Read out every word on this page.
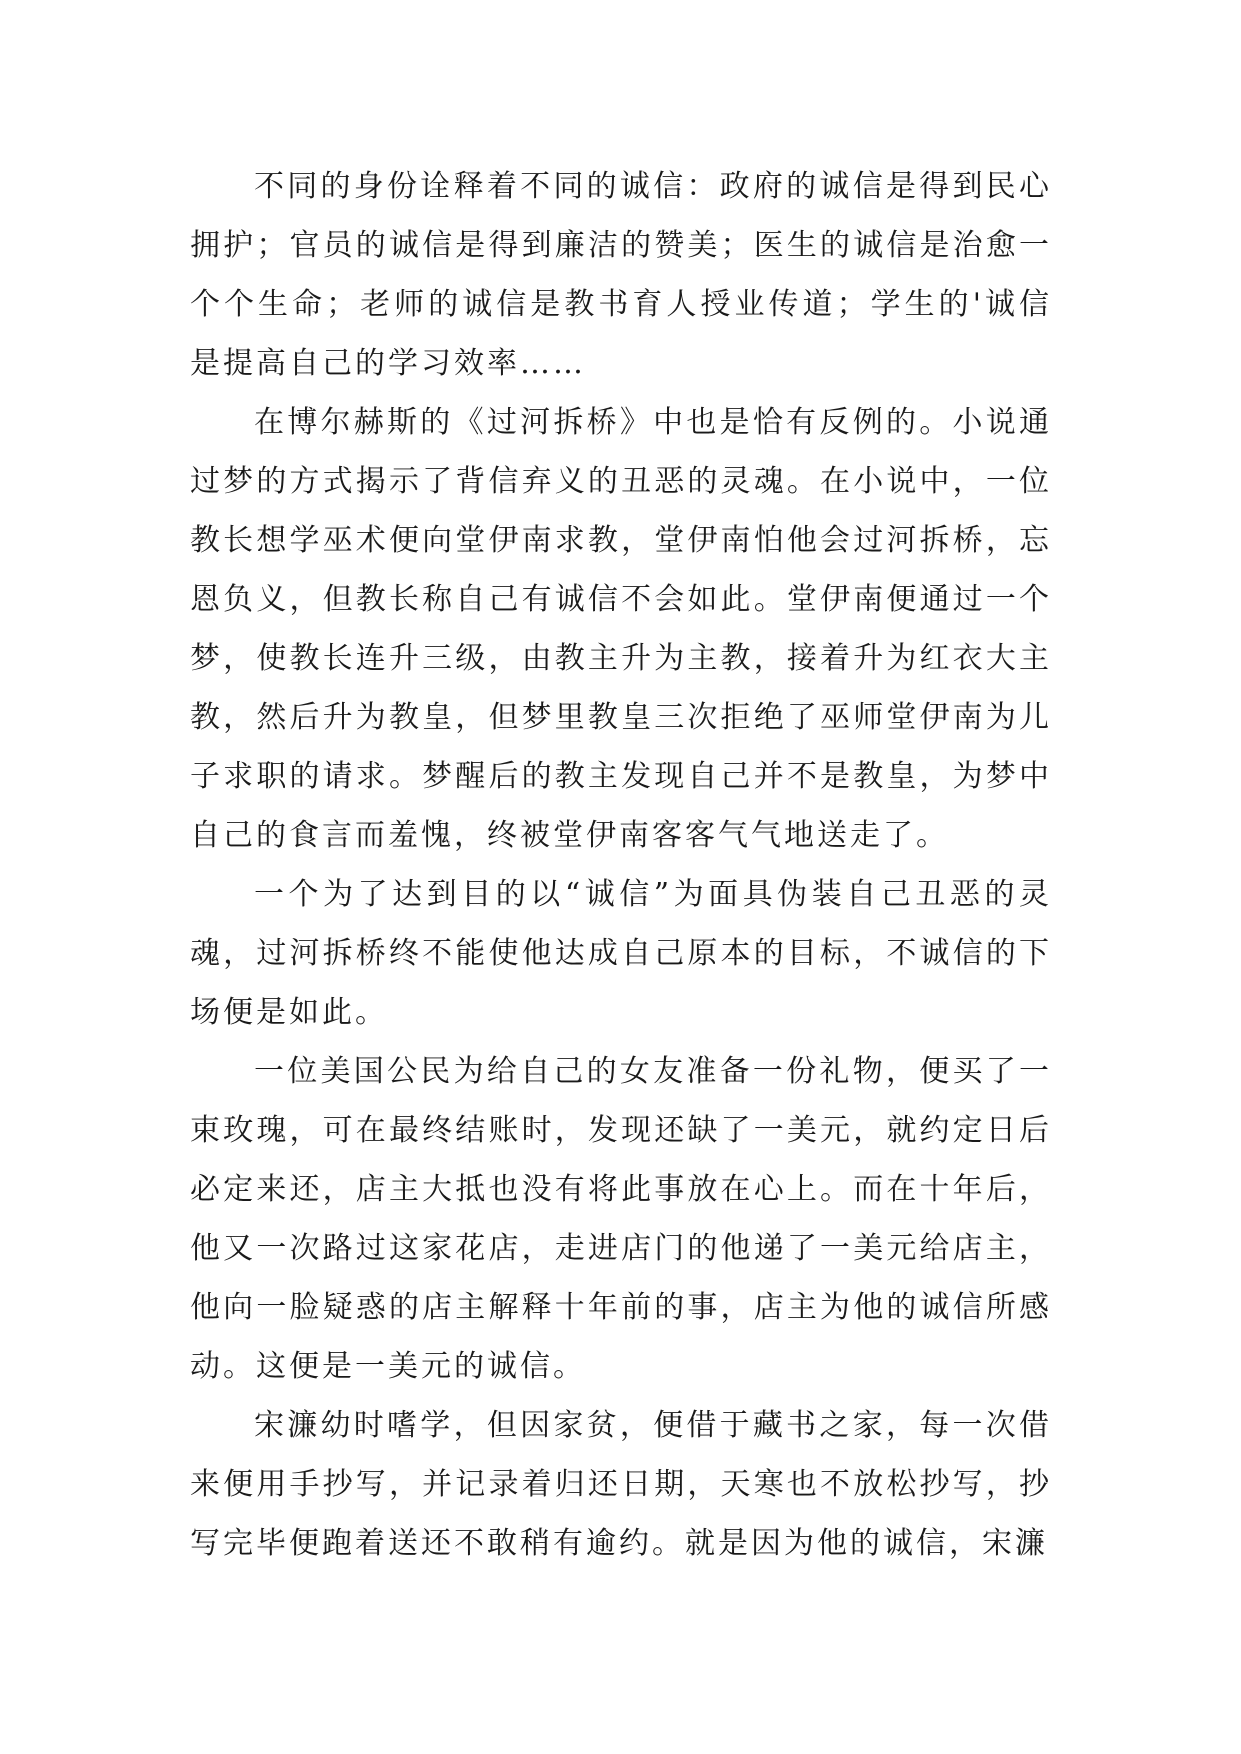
不同的身份诠释着不同的诚信：政府的诚信是得到民心拥护；官员的诚信是得到廉洁的赞美；医生的诚信是治愈一个个生命；老师的诚信是教书育人授业传道；学生的'诚信是提高自己的学习效率……

在博尔赫斯的《过河拆桥》中也是恰有反例的。小说通过梦的方式揭示了背信弃义的丑恶的灵魂。在小说中，一位教长想学巫术便向堂伊南求教，堂伊南怕他会过河拆桥，忘恩负义，但教长称自己有诚信不会如此。堂伊南便通过一个梦，使教长连升三级，由教主升为主教，接着升为红衣大主教，然后升为教皇，但梦里教皇三次拒绝了巫师堂伊南为儿子求职的请求。梦醒后的教主发现自己并不是教皇，为梦中自己的食言而羞愧，终被堂伊南客客气气地送走了。

一个为了达到目的以“诚信”为面具伪装自己丑恶的灵魂，过河拆桥终不能使他达成自己原本的目标，不诚信的下场便是如此。

一位美国公民为给自己的女友准备一份礼物，便买了一束玫瑰，可在最终结账时，发现还缺了一美元，就约定日后必定来还，店主大抵也没有将此事放在心上。而在十年后，他又一次路过这家花店，走进店门的他递了一美元给店主，他向一脸疑惑的店主解释十年前的事，店主为他的诚信所感动。这便是一美元的诚信。

宋濂幼时嗜学，但因家贫，便借于藏书之家，每一次借来便用手抄写，并记录着归还日期，天寒也不放松抄写，抄写完毕便跑着送还不敢稍有逾约。就是因为他的诚信，宋濂
